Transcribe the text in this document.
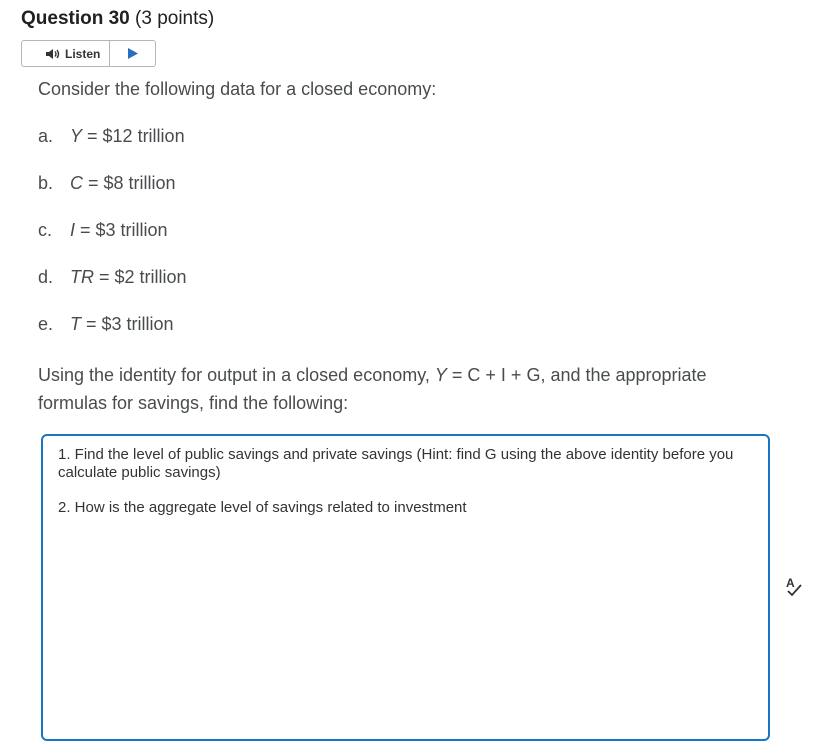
Question 30 (3 points)
Listen
Consider the following data for a closed economy:
a. Y = $12 trillion
b. C = $8 trillion
c. I = $3 trillion
d. TR = $2 trillion
e. T = $3 trillion
Using the identity for output in a closed economy, Y = C + I + G, and the appropriate formulas for savings, find the following:

1. Find the level of public savings and private savings (Hint: find G using the above identity before you calculate public savings)

2. How is the aggregate level of savings related to investment

A
